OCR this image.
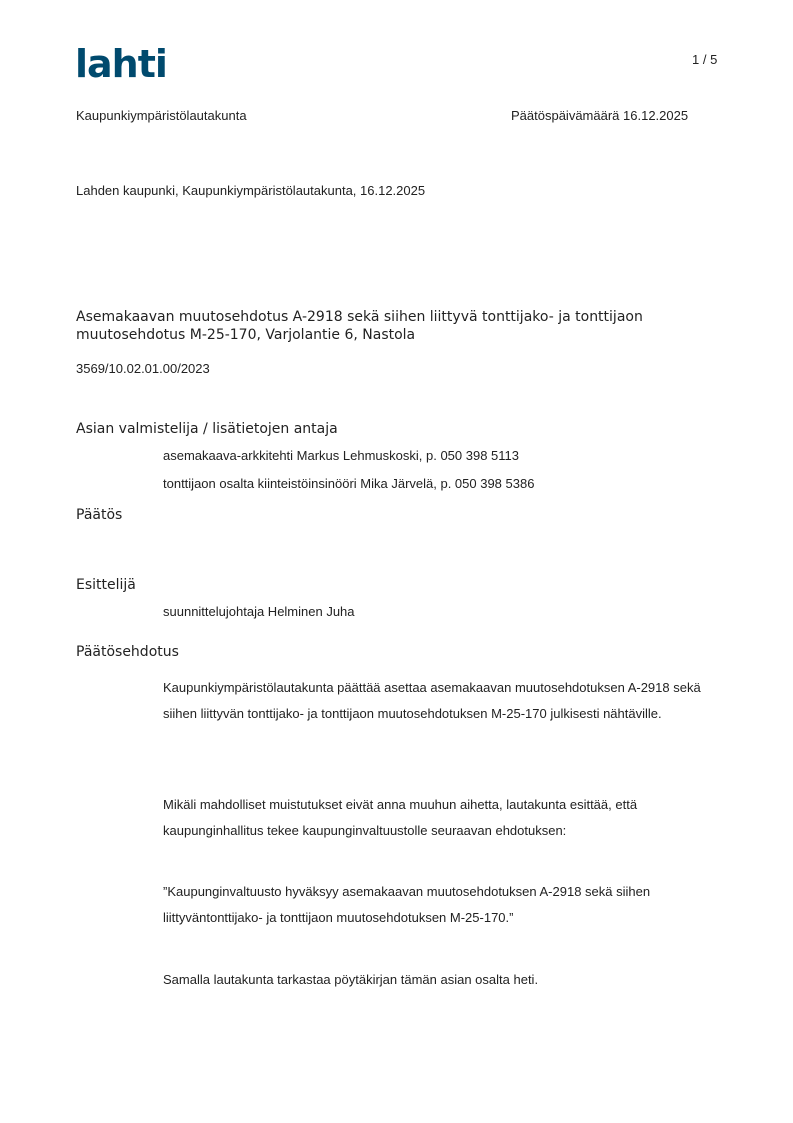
lahti	1 / 5
Kaupunkiympäristölautakunta	Päätöspäivämäärä 16.12.2025
Lahden kaupunki, Kaupunkiympäristölautakunta, 16.12.2025
Asemakaavan muutosehdotus A-2918 sekä siihen liittyvä tonttijako- ja tonttijaon
muutosehdotus M-25-170, Varjolantie 6, Nastola
3569/10.02.01.00/2023
Asian valmistelija / lisätietojen antaja
asemakaava-arkkitehti Markus Lehmuskoski, p. 050 398 5113
tonttijaon osalta kiinteistöinsinööri Mika Järvelä, p. 050 398 5386
Päätös
Esittelijä
suunnittelujohtaja Helminen Juha
Päätösehdotus
Kaupunkiympäristölautakunta päättää asettaa asemakaavan muutosehdotuksen A-2918 sekä siihen liittyvän tonttijako- ja tonttijaon muutosehdotuksen M-25-170 julkisesti nähtäville.
Mikäli mahdolliset muistutukset eivät anna muuhun aihetta, lautakunta esittää, että kaupunginhallitus tekee kaupunginvaltuustolle seuraavan ehdotuksen:
”Kaupunginvaltuusto hyväksyy asemakaavan muutosehdotuksen A-2918 sekä siihen liittyväntonttijako- ja tonttijaon muutosehdotuksen M-25-170.”
Samalla lautakunta tarkastaa pöytäkirjan tämän asian osalta heti.
